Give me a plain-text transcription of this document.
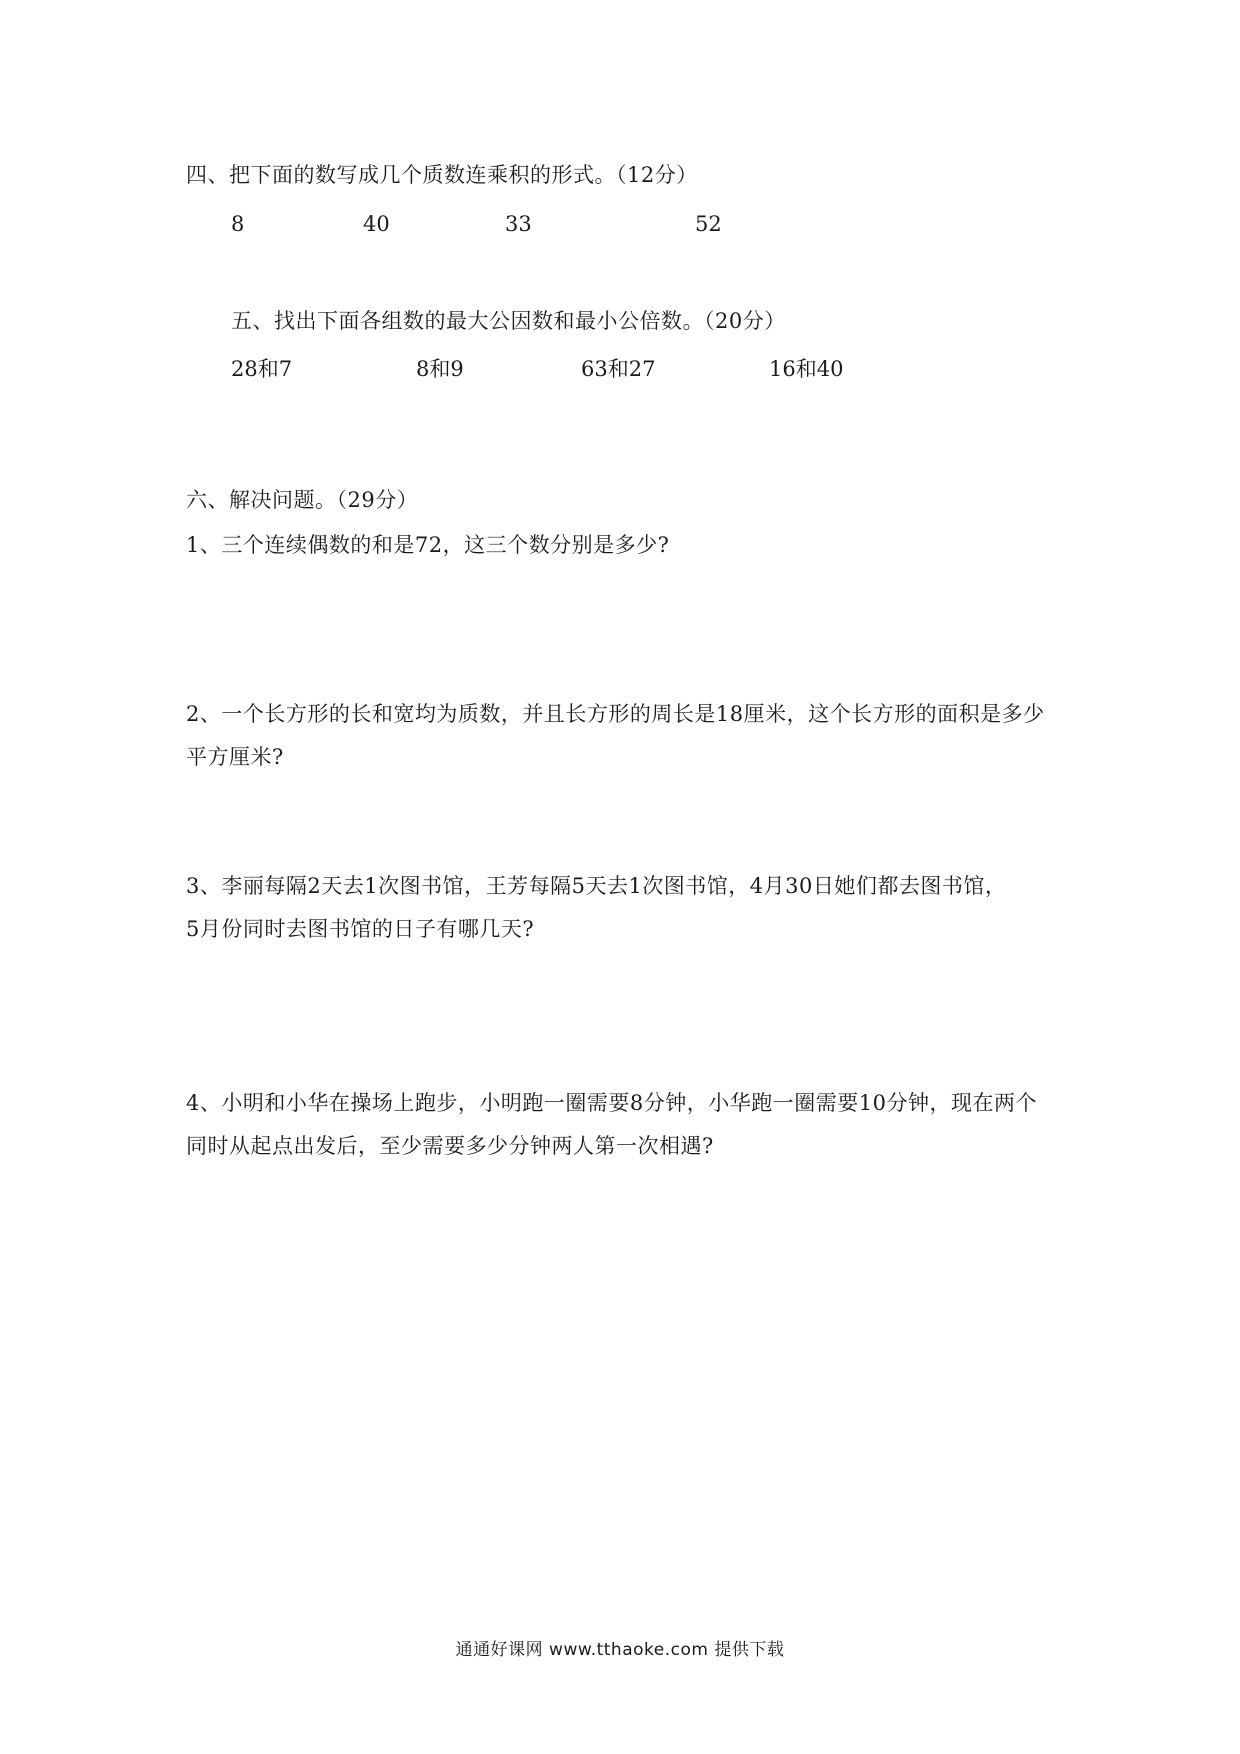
四、把下面的数写成几个质数连乘积的形式。（12分）
8	40	33	52
五、找出下面各组数的最大公因数和最小公倍数。（20分）
28和7	8和9	63和27	16和40
六、解决问题。（29分）
1、三个连续偶数的和是72，这三个数分别是多少?
2、一个长方形的长和宽均为质数，并且长方形的周长是18厘米，这个长方形的面积是多少
平方厘米?
3、李丽每隔2天去1次图书馆，王芳每隔5天去1次图书馆，4月30日她们都去图书馆，
5月份同时去图书馆的日子有哪几天?
4、小明和小华在操场上跑步，小明跑一圈需要8分钟，小华跑一圈需要10分钟，现在两个
同时从起点出发后，至少需要多少分钟两人第一次相遇?
通通好课网 www.tthaoke.com 提供下载
